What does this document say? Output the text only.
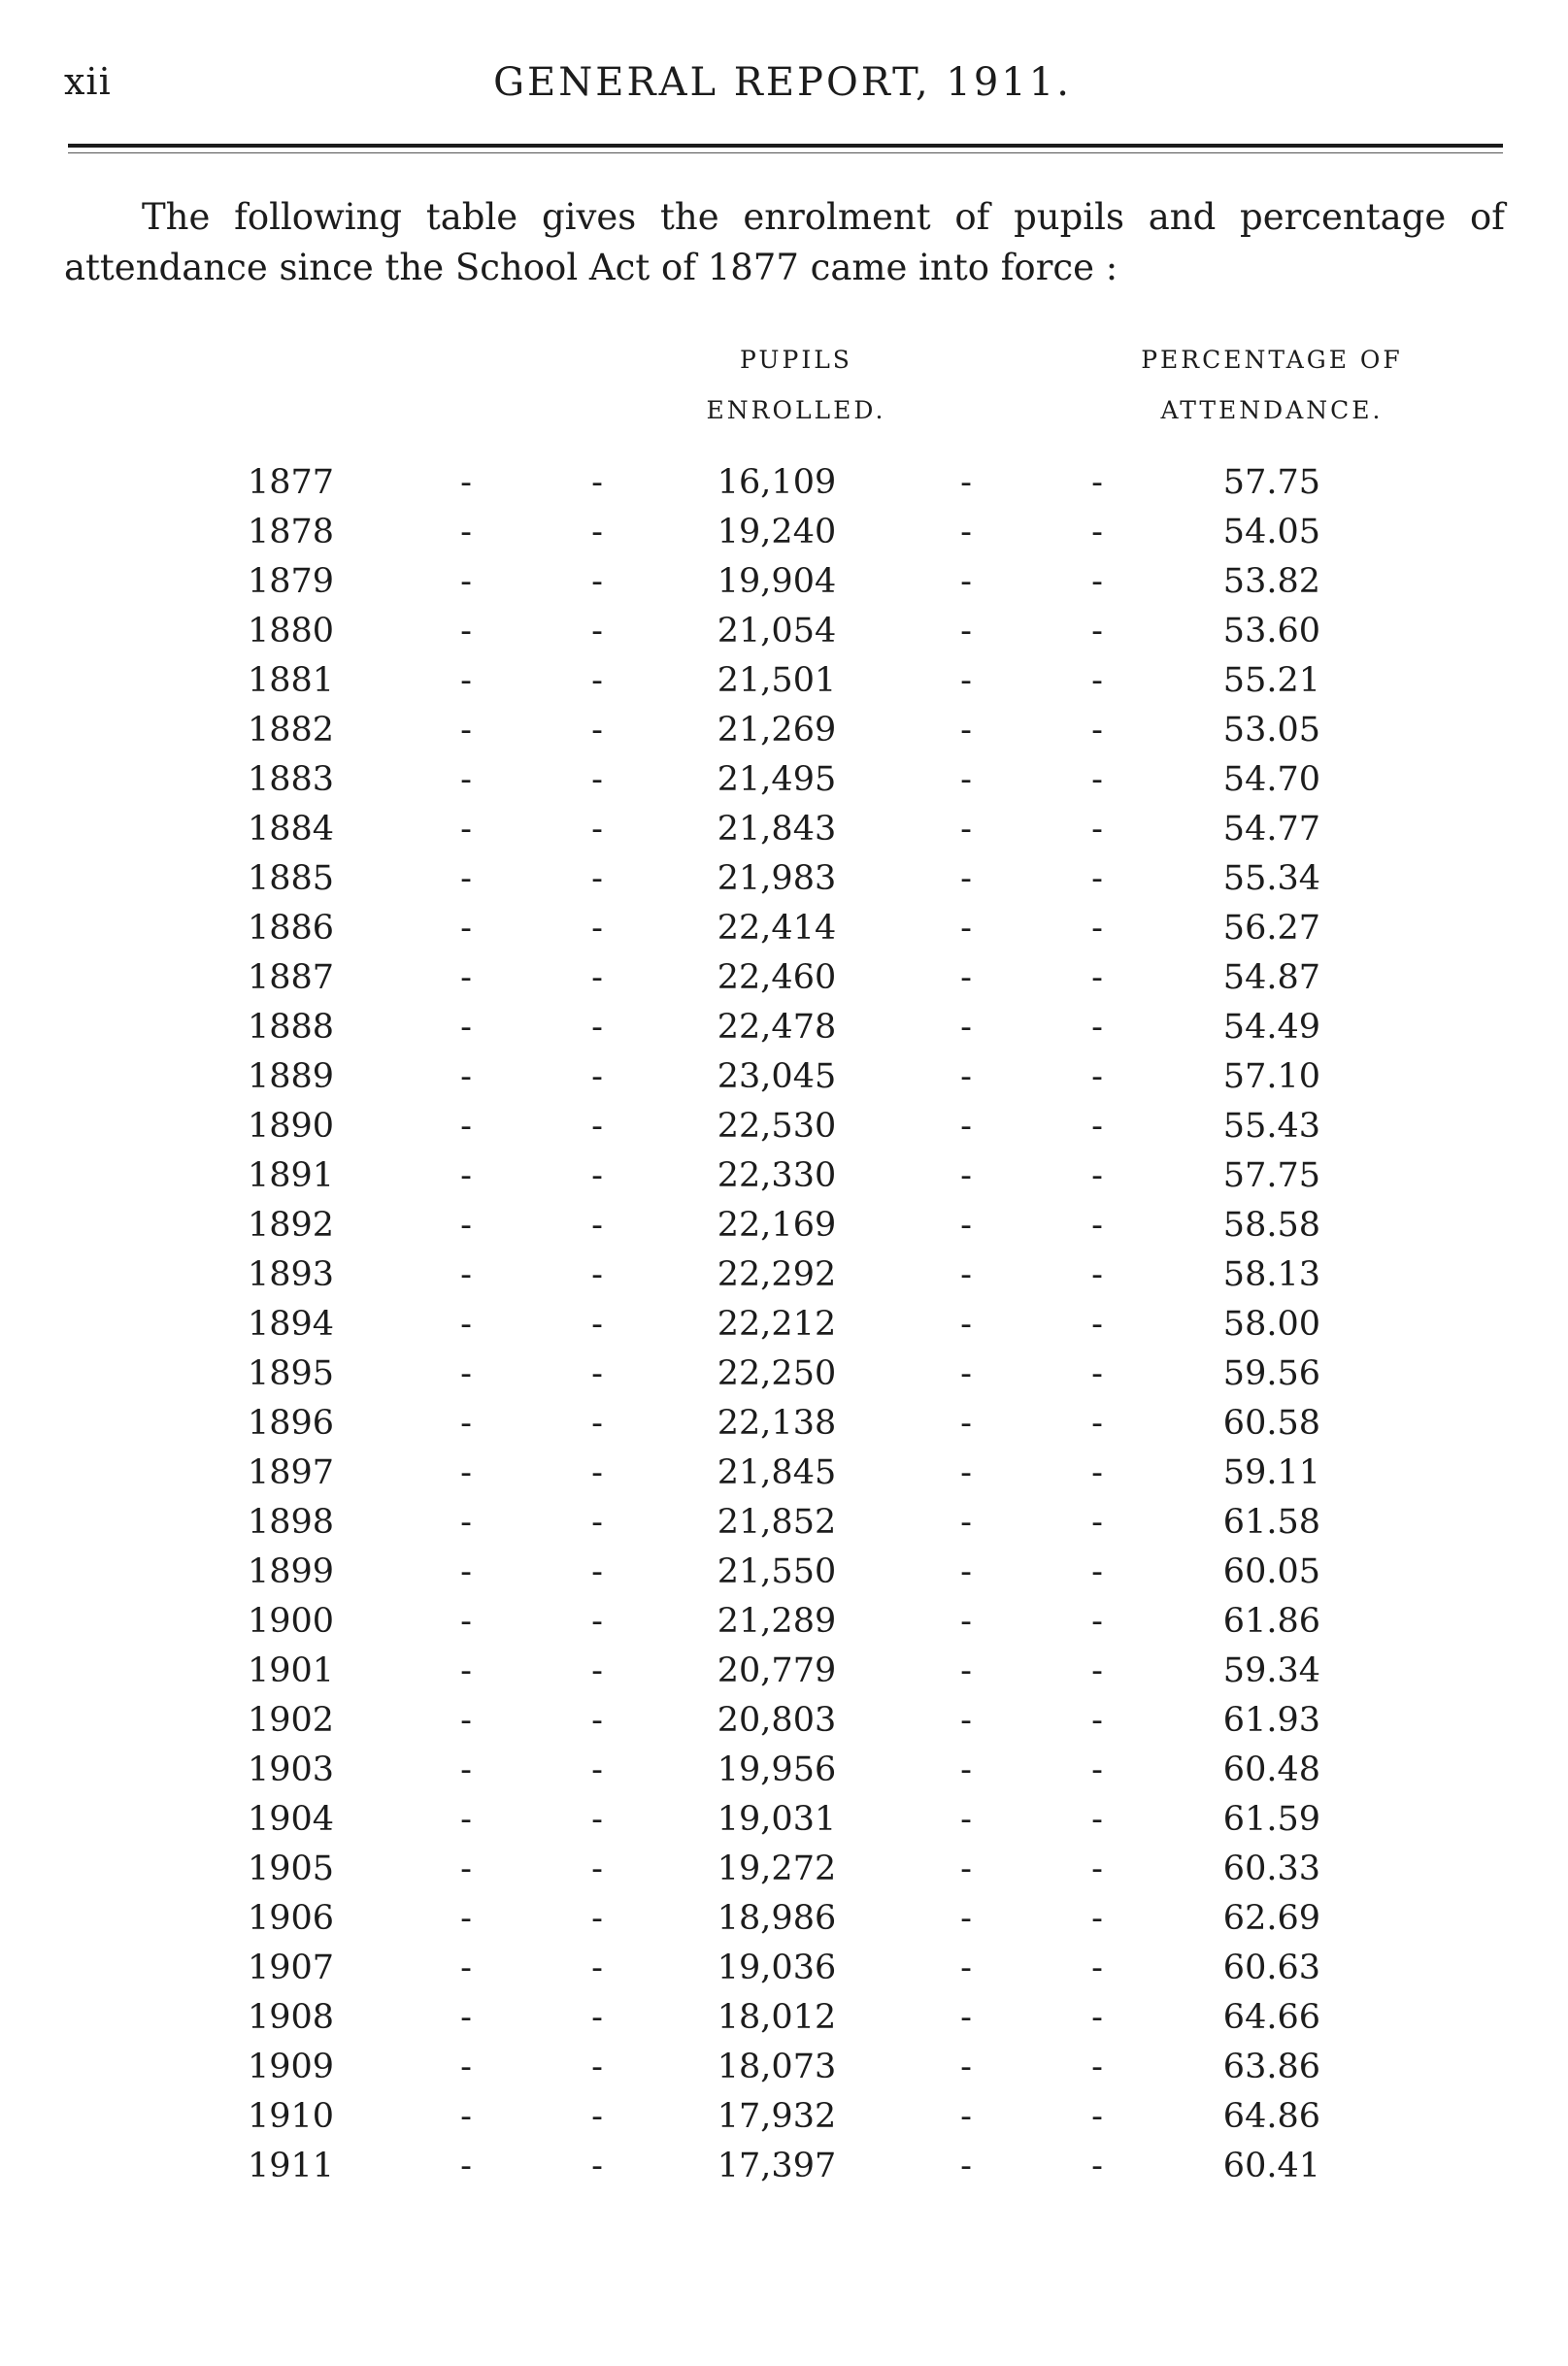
xii	GENERAL REPORT, 1911.

The following table gives the enrolment of pupils and percentage of attendance since the School Act of 1877 came into force :

PUPILS
ENROLLED.
PERCENTAGE OF
ATTENDANCE.
1877	-	-	16,109	-	-	57.75
1878	-	-	19,240	-	-	54.05
1879	-	-	19,904	-	-	53.82
1880	-	-	21,054	-	-	53.60
1881	-	-	21,501	-	-	55.21
1882	-	-	21,269	-	-	53.05
1883	-	-	21,495	-	-	54.70
1884	-	-	21,843	-	-	54.77
1885	-	-	21,983	-	-	55.34
1886	-	-	22,414	-	-	56.27
1887	-	-	22,460	-	-	54.87
1888	-	-	22,478	-	-	54.49
1889	-	-	23,045	-	-	57.10
1890	-	-	22,530	-	-	55.43
1891	-	-	22,330	-	-	57.75
1892	-	-	22,169	-	-	58.58
1893	-	-	22,292	-	-	58.13
1894	-	-	22,212	-	-	58.00
1895	-	-	22,250	-	-	59.56
1896	-	-	22,138	-	-	60.58
1897	-	-	21,845	-	-	59.11
1898	-	-	21,852	-	-	61.58
1899	-	-	21,550	-	-	60.05
1900	-	-	21,289	-	-	61.86
1901	-	-	20,779	-	-	59.34
1902	-	-	20,803	-	-	61.93
1903	-	-	19,956	-	-	60.48
1904	-	-	19,031	-	-	61.59
1905	-	-	19,272	-	-	60.33
1906	-	-	18,986	-	-	62.69
1907	-	-	19,036	-	-	60.63
1908	-	-	18,012	-	-	64.66
1909	-	-	18,073	-	-	63.86
1910	-	-	17,932	-	-	64.86
1911	-	-	17,397	-	-	60.41
